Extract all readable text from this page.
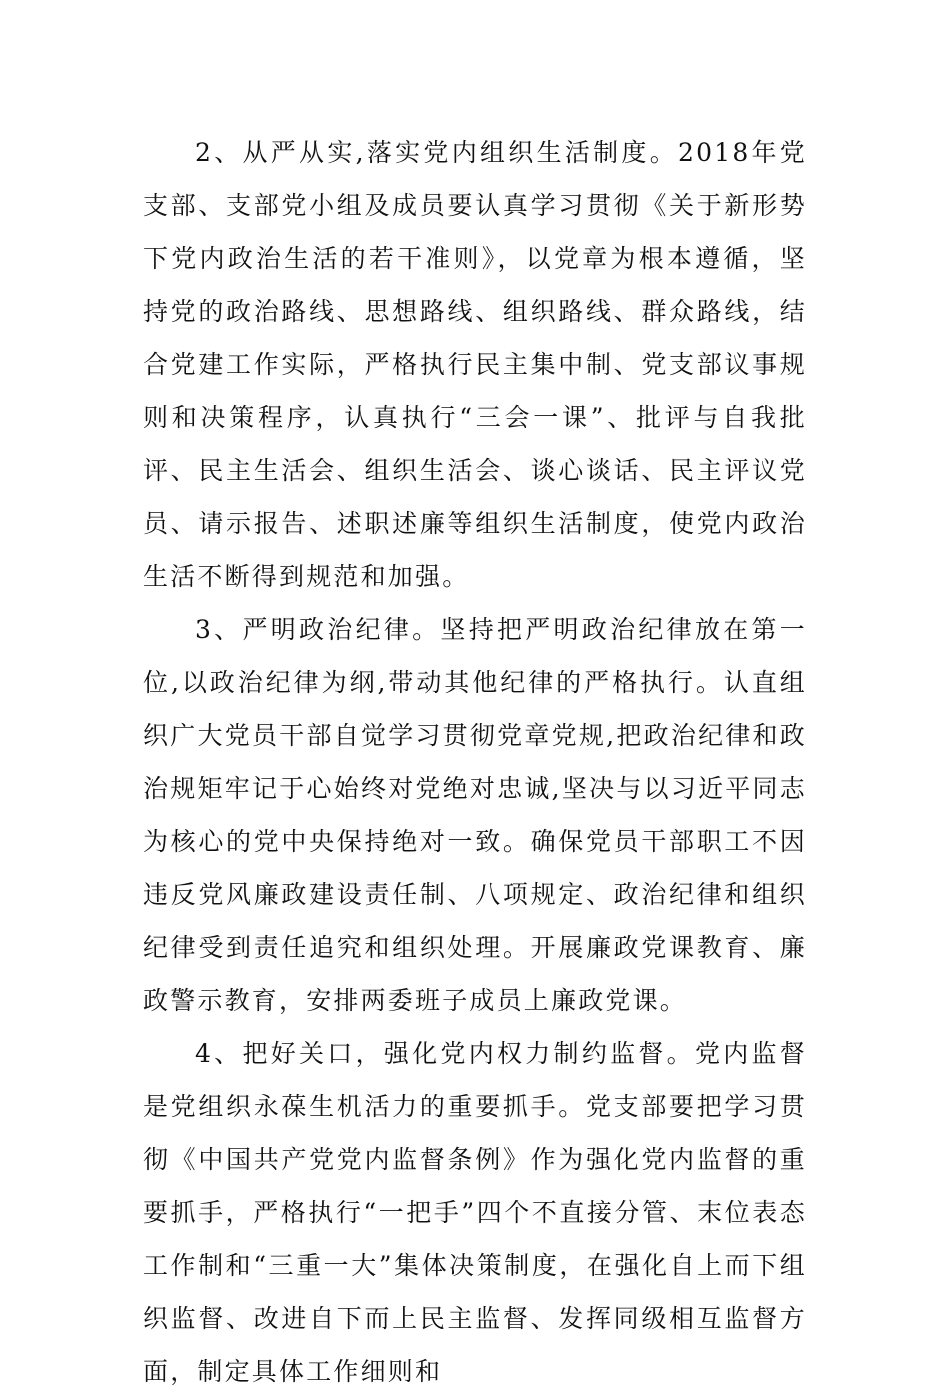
2、从严从实,落实党内组织生活制度。2018年党支部、支部党小组及成员要认真学习贯彻《关于新形势下党内政治生活的若干准则》，以党章为根本遵循，坚持党的政治路线、思想路线、组织路线、群众路线，结合党建工作实际，严格执行民主集中制、党支部议事规则和决策程序，认真执行“三会一课”、批评与自我批评、民主生活会、组织生活会、谈心谈话、民主评议党员、请示报告、述职述廉等组织生活制度，使党内政治生活不断得到规范和加强。

3、严明政治纪律。坚持把严明政治纪律放在第一位,以政治纪律为纲,带动其他纪律的严格执行。认直组织广大党员干部自觉学习贯彻党章党规,把政治纪律和政治规矩牢记于心始终对党绝对忠诚,坚决与以习近平同志为核心的党中央保持绝对一致。确保党员干部职工不因违反党风廉政建设责任制、八项规定、政治纪律和组织纪律受到责任追究和组织处理。开展廉政党课教育、廉政警示教育，安排两委班子成员上廉政党课。

4、把好关口，强化党内权力制约监督。党内监督是党组织永葆生机活力的重要抓手。党支部要把学习贯彻《中国共产党党内监督条例》作为强化党内监督的重要抓手，严格执行“一把手”四个不直接分管、末位表态工作制和“三重一大”集体决策制度，在强化自上而下组织监督、改进自下而上民主监督、发挥同级相互监督方面，制定具体工作细则和
